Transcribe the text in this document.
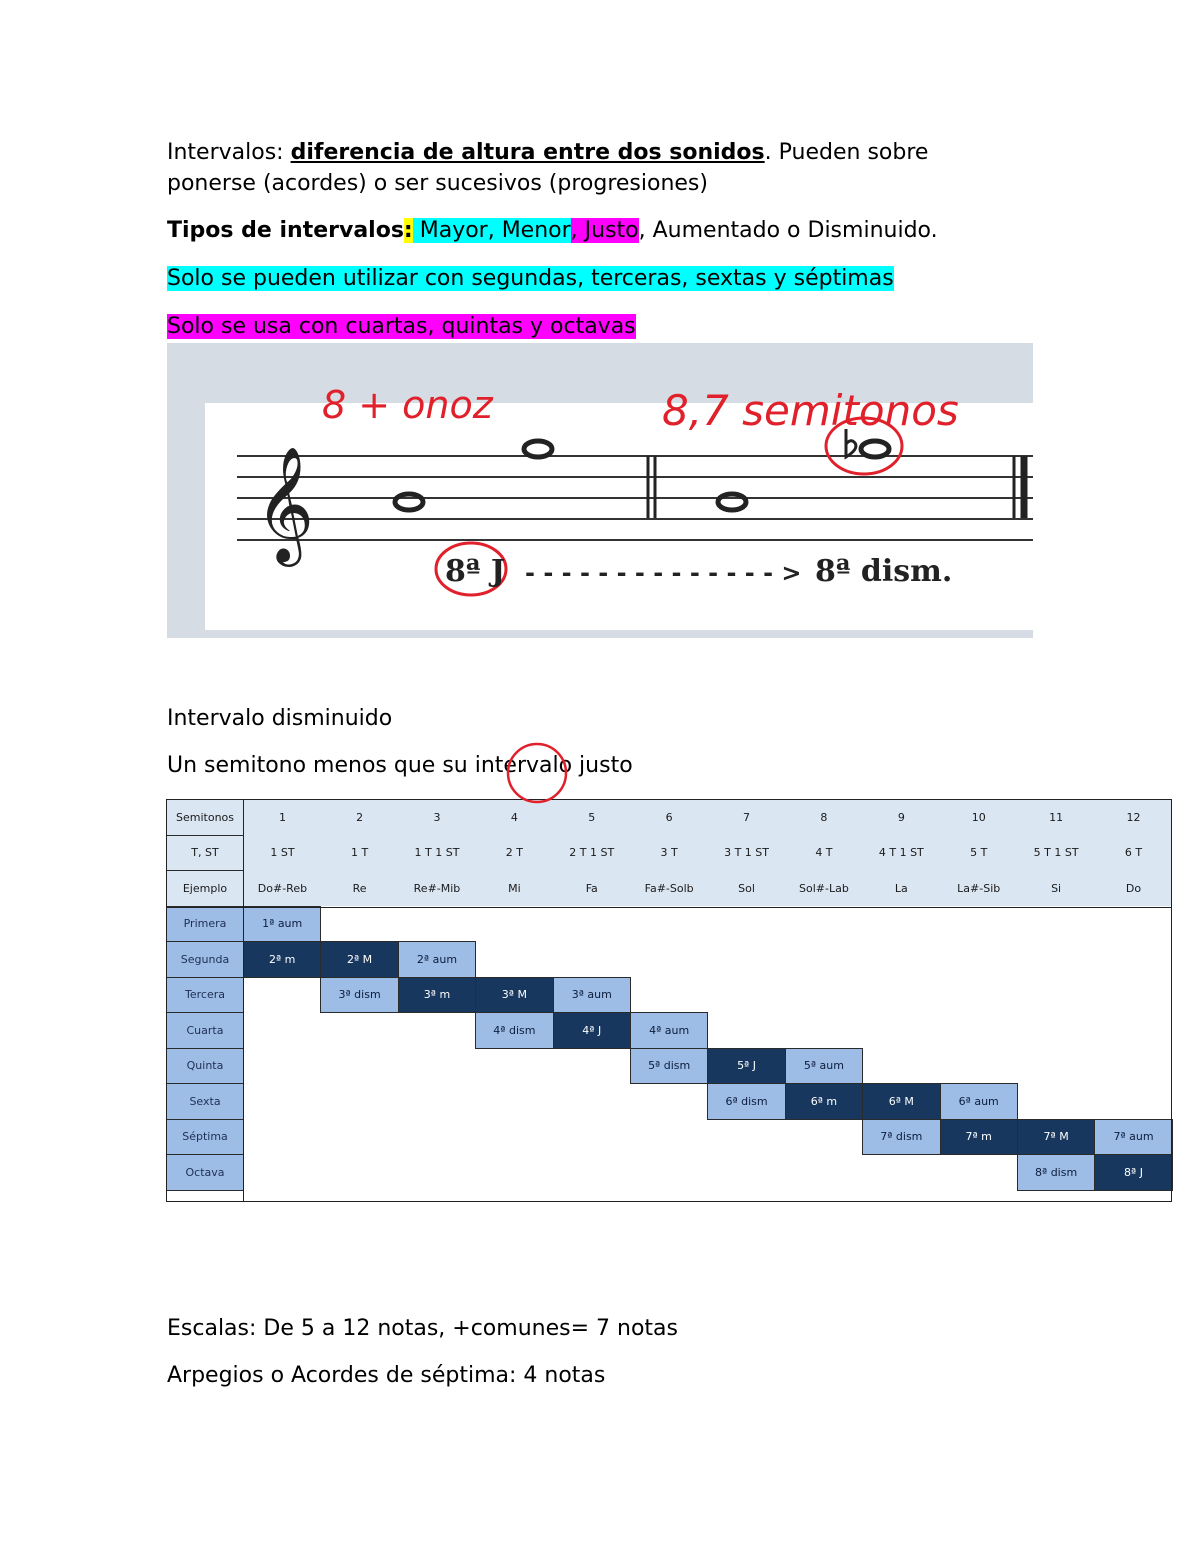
Intervalos: diferencia de altura entre dos sonidos. Pueden sobre
ponerse (acordes) o ser sucesivos (progresiones)
Tipos de intervalos: Mayor, Menor, Justo, Aumentado o Disminuido.
Solo se pueden utilizar con segundas, terceras, sextas y séptimas
Solo se usa con cuartas, quintas y octavas
𝄞
8 + onoz	8,7 semitonos
8ª J - - - - - - - - - - - - - - > 8ª dism.
Intervalo disminuido
Un semitono menos que su intervalo justo
Semitonos	1	2	3	4	5	6	7	8	9	10	11	12
T, ST	1 ST	1 T	1 T 1 ST	2 T	2 T 1 ST	3 T	3 T 1 ST	4 T	4 T 1 ST	5 T	5 T 1 ST	6 T
Ejemplo	Do#-Reb	Re	Re#-Mib	Mi	Fa	Fa#-Solb	Sol	Sol#-Lab	La	La#-Sib	Si	Do
Primera	1ª aum											
Segunda	2ª m	2ª M	2ª aum									
Tercera		3ª dism	3ª m	3ª M	3ª aum							
Cuarta				4ª dism	4ª J	4ª aum						
Quinta						5ª dism	5ª J	5ª aum				
Sexta							6ª dism	6ª m	6ª M	6ª aum		
Séptima									7ª dism	7ª m	7ª M	7ª aum
Octava											8ª dism	8ª J
Escalas: De 5 a 12 notas, +comunes= 7 notas
Arpegios o Acordes de séptima: 4 notas
